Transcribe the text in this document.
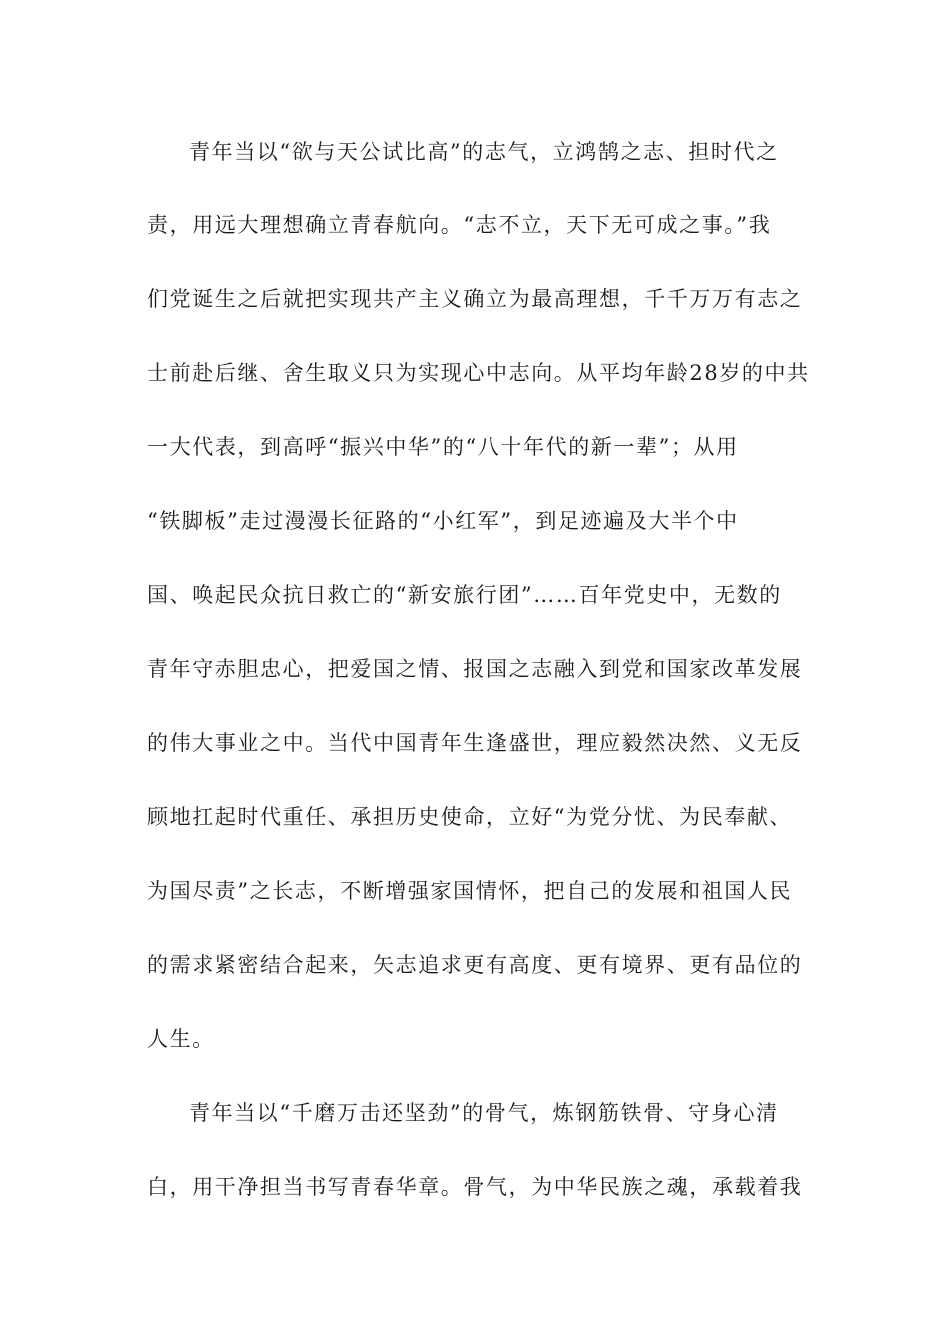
青年当以“欲与天公试比高”的志气，立鸿鹄之志、担时代之
责，用远大理想确立青春航向。“志不立，天下无可成之事。”我
们党诞生之后就把实现共产主义确立为最高理想，千千万万有志之
士前赴后继、舍生取义只为实现心中志向。从平均年龄28岁的中共
一大代表，到高呼“振兴中华”的“八十年代的新一辈”；从用
“铁脚板”走过漫漫长征路的“小红军”，到足迹遍及大半个中
国、唤起民众抗日救亡的“新安旅行团”……百年党史中，无数的
青年守赤胆忠心，把爱国之情、报国之志融入到党和国家改革发展
的伟大事业之中。当代中国青年生逢盛世，理应毅然决然、义无反
顾地扛起时代重任、承担历史使命，立好“为党分忧、为民奉献、
为国尽责”之长志，不断增强家国情怀，把自己的发展和祖国人民
的需求紧密结合起来，矢志追求更有高度、更有境界、更有品位的
人生。
青年当以“千磨万击还坚劲”的骨气，炼钢筋铁骨、守身心清
白，用干净担当书写青春华章。骨气，为中华民族之魂，承载着我
